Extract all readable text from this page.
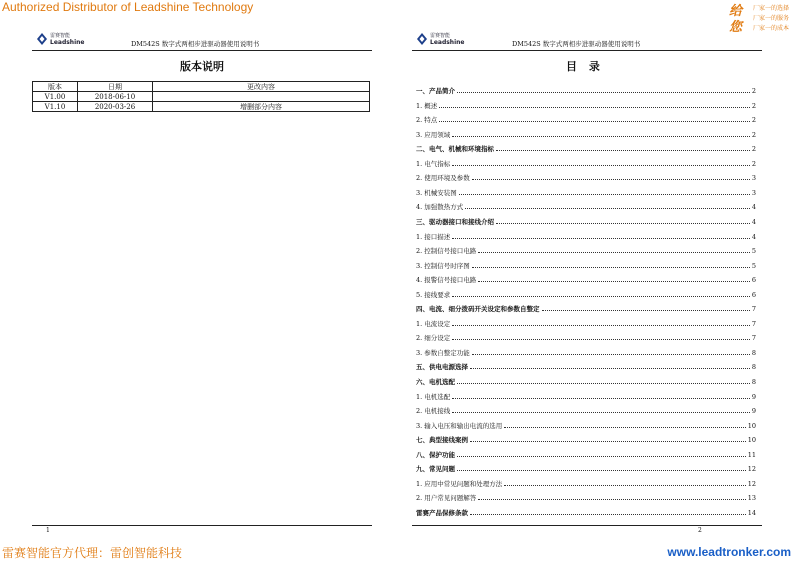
Authorized Distributor of Leadshine Technology	给
您
厂家一的选择
厂家一的服务
厂家一的成本
雷赛智能
Leadshine	DM542S 数字式两相步进驱动器使用说明书
版本说明
版本	日期	更改内容
V1.00	2018-06-10	
V1.10	2020-03-26	增删部分内容
1
雷赛智能
Leadshine	DM542S 数字式两相步进驱动器使用说明书
目 录
一、产品简介	2
1. 概述	2
2. 特点	2
3. 应用领域	2
二、电气、机械和环境指标	2
1. 电气指标	2
2. 使用环境及参数	3
3. 机械安装图	3
4. 加强散热方式	4
三、驱动器接口和接线介绍	4
1. 接口描述	4
2. 控制信号接口电路	5
3. 控制信号时序图	5
4. 报警信号接口电路	6
5. 接线要求	6
四、电流、细分拨码开关设定和参数自整定	7
1. 电流设定	7
2. 细分设定	7
3. 参数自整定功能	8
五、供电电源选择	8
六、电机选配	8
1. 电机选配	9
2. 电机接线	9
3. 输入电压和输出电流的选用	10
七、典型接线案例	10
八、保护功能	11
九、常见问题	12
1. 应用中常见问题和处理方法	12
2. 用户常见问题解答	13
雷赛产品保修条款	14
2
雷赛智能官方代理：雷创智能科技	www.leadtronker.com
